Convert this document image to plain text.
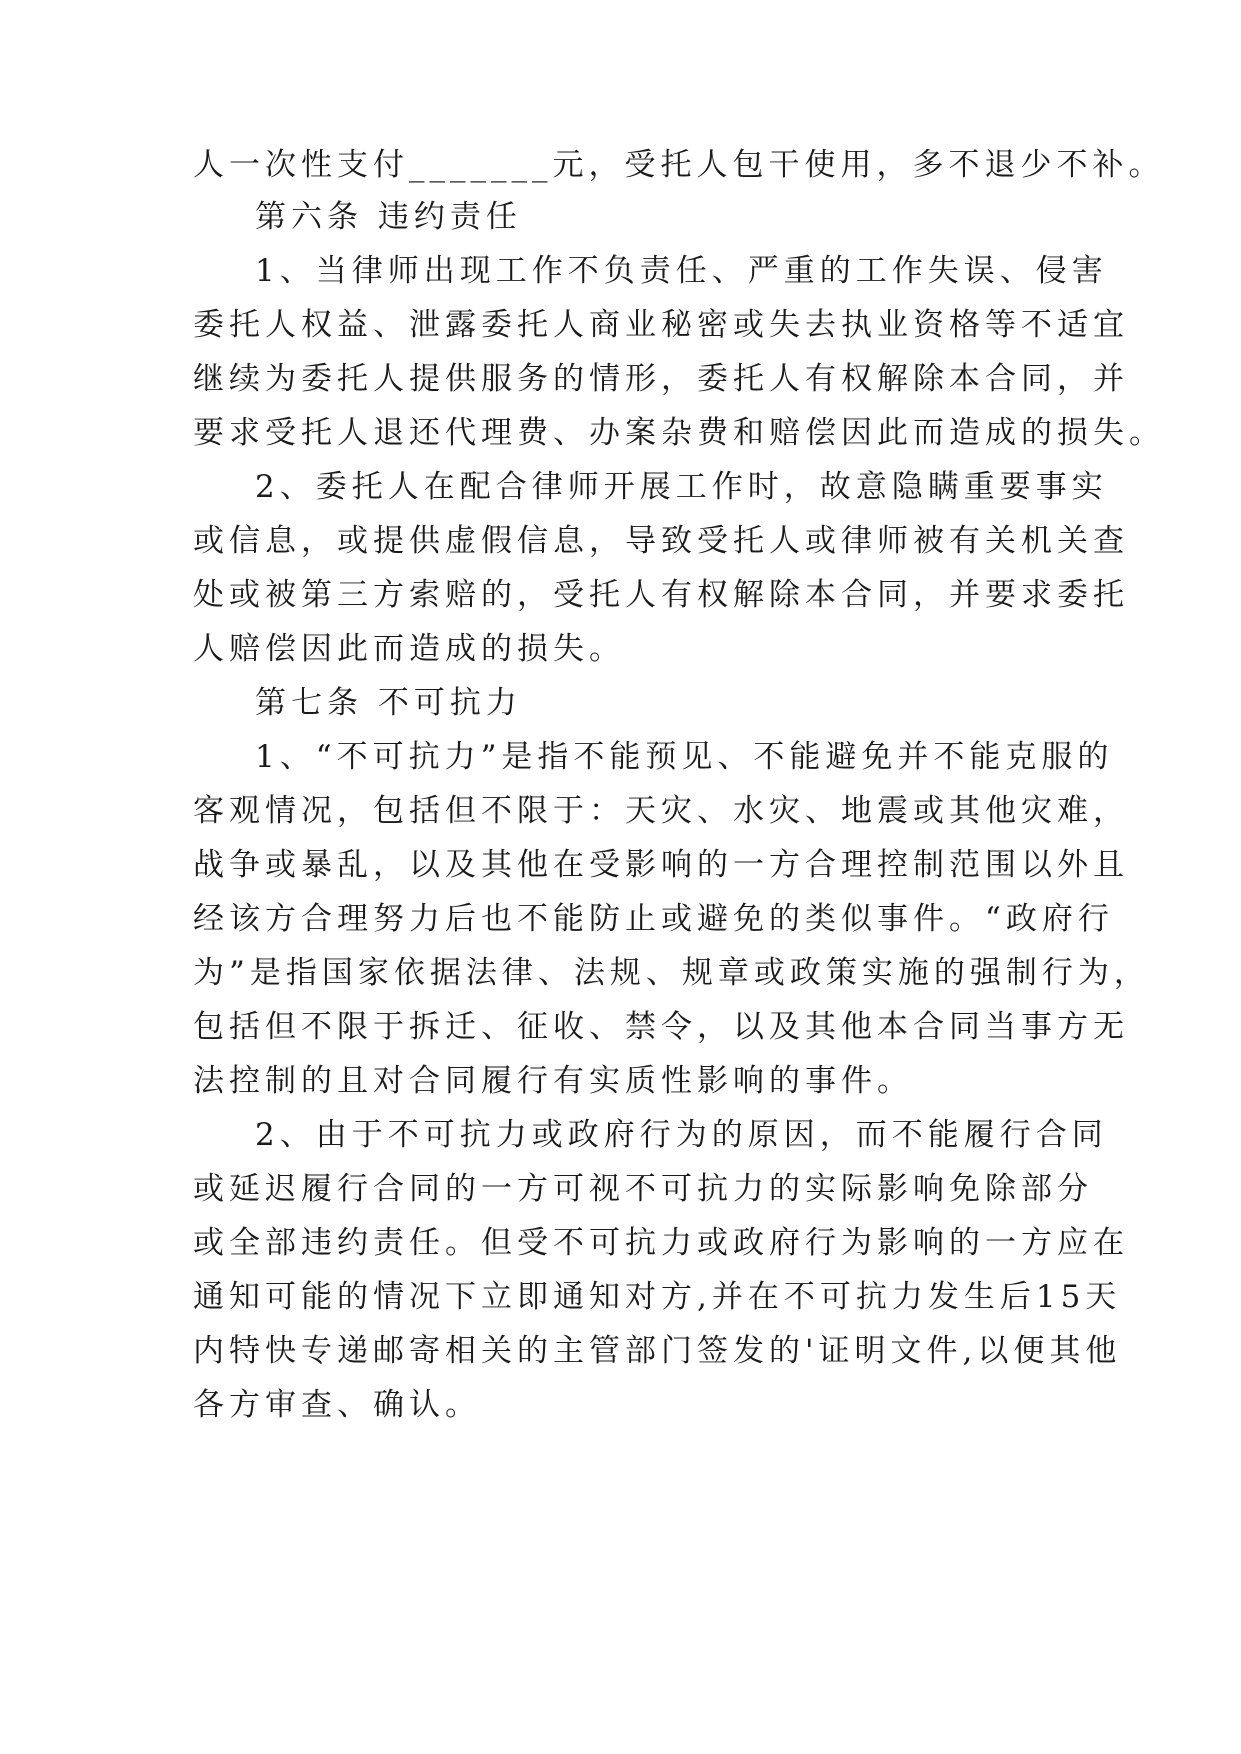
人一次性支付_______元，受托人包干使用，多不退少不补。
第六条 违约责任
1、当律师出现工作不负责任、严重的工作失误、侵害
委托人权益、泄露委托人商业秘密或失去执业资格等不适宜
继续为委托人提供服务的情形，委托人有权解除本合同，并
要求受托人退还代理费、办案杂费和赔偿因此而造成的损失。
2、委托人在配合律师开展工作时，故意隐瞒重要事实
或信息，或提供虚假信息，导致受托人或律师被有关机关查
处或被第三方索赔的，受托人有权解除本合同，并要求委托
人赔偿因此而造成的损失。
第七条 不可抗力
1、“不可抗力”是指不能预见、不能避免并不能克服的
客观情况，包括但不限于：天灾、水灾、地震或其他灾难，
战争或暴乱，以及其他在受影响的一方合理控制范围以外且
经该方合理努力后也不能防止或避免的类似事件。“政府行
为”是指国家依据法律、法规、规章或政策实施的强制行为，
包括但不限于拆迁、征收、禁令，以及其他本合同当事方无
法控制的且对合同履行有实质性影响的事件。
2、由于不可抗力或政府行为的原因，而不能履行合同
或延迟履行合同的一方可视不可抗力的实际影响免除部分
或全部违约责任。但受不可抗力或政府行为影响的一方应在
通知可能的情况下立即通知对方,并在不可抗力发生后15天
内特快专递邮寄相关的主管部门签发的'证明文件,以便其他
各方审查、确认。
